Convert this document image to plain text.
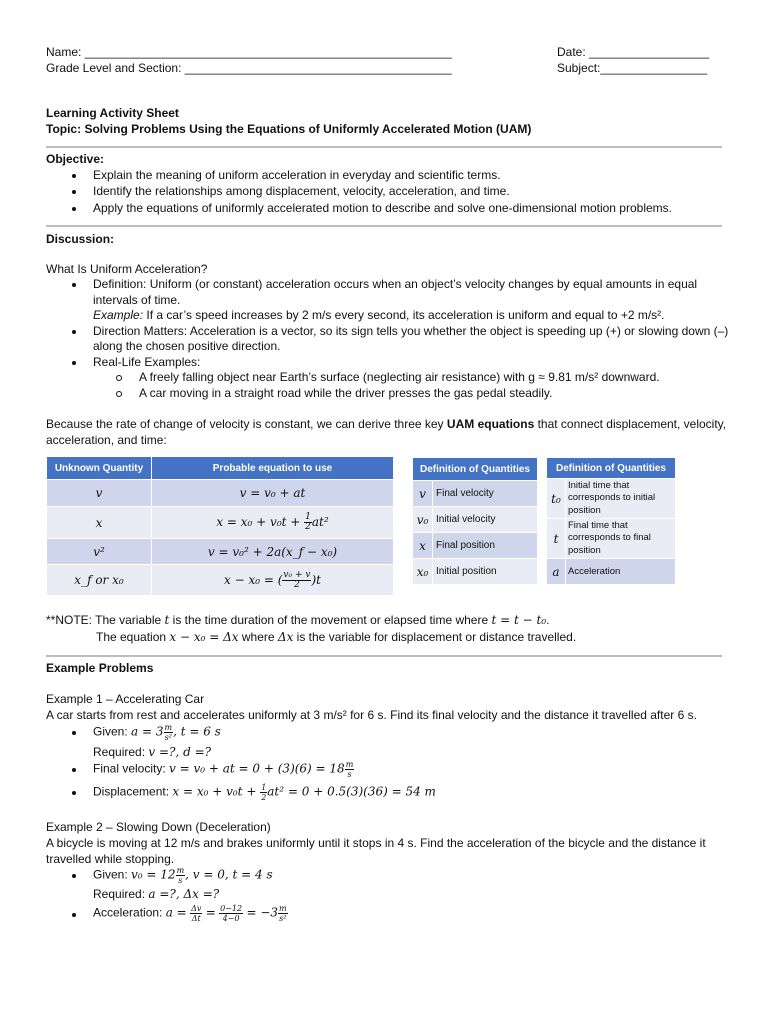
Name: _______________________________________________________
Grade Level and Section: ________________________________________
Date: __________________
Subject:________________
Learning Activity Sheet
Topic: Solving Problems Using the Equations of Uniformly Accelerated Motion (UAM)
Objective:
Explain the meaning of uniform acceleration in everyday and scientific terms.
Identify the relationships among displacement, velocity, acceleration, and time.
Apply the equations of uniformly accelerated motion to describe and solve one-dimensional motion problems.
Discussion:
What Is Uniform Acceleration?
Definition: Uniform (or constant) acceleration occurs when an object’s velocity changes by equal amounts in equal
intervals of time.
Example: If a car’s speed increases by 2 m/s every second, its acceleration is uniform and equal to +2 m/s².
Direction Matters: Acceleration is a vector, so its sign tells you whether the object is speeding up (+) or slowing down (–)
along the chosen positive direction.
Real-Life Examples:
A freely falling object near Earth’s surface (neglecting air resistance) with g ≈ 9.81 m/s² downward.
A car moving in a straight road while the driver presses the gas pedal steadily.
Because the rate of change of velocity is constant, we can derive three key UAM equations that connect displacement, velocity,
acceleration, and time:
Unknown Quantity	Probable equation to use
v	v = v₀ + at
x	$x = x_0 + v_0t + \frac{1}{2} at^2$
v²	v = v₀² + 2a(x_f − x₀)
x_f or x₀	x − x₀ = ( $\frac{\text{v₀ + v}}{2} )t$
Definition of Quantities	
v	Final velocity
v₀	Initial velocity
x	Final position
x₀	Initial position
Definition of Quantities	
t₀	Initial time that
corresponds to initial
position

t	Final time that
corresponds to final
position

a	Acceleration
**NOTE: The variable t is the time duration of the movement or elapsed time where t = t − t₀.
The equation x − x₀ = Δx where Δx is the variable for displacement or distance travelled.
Example Problems
Example 1 – Accelerating Car
A car starts from rest and accelerates uniformly at 3 m/s² for 6 s. Find its final velocity and the distance it travelled after 6 s.
Given: $a = 3 \frac{m}{\text{s²}}$ , t = 6 s
Required: v =?, d =?
Final velocity: v = v₀ + at = $0 + (3)(6) = 18 \frac{m}{s}$
Displacement: $x = x_0 + v_0t + \frac{1}{2} at^2 = 0 + 0.5(3)(36) = 54$ m
Example 2 – Slowing Down (Deceleration)
A bicycle is moving at 12 m/s and brakes uniformly until it stops in 4 s. Find the acceleration of the bicycle and the distance it
travelled while stopping.
Given: $v_0 = 12 \frac{m}{s}$ , v = 0, t = 4 s
Required: a =?, Δx =?
Acceleration: $a = \frac{\Delta v}{\Delta t} = \frac{0-12}{4-0} = -3 \frac{m}{\text{s²}}$
